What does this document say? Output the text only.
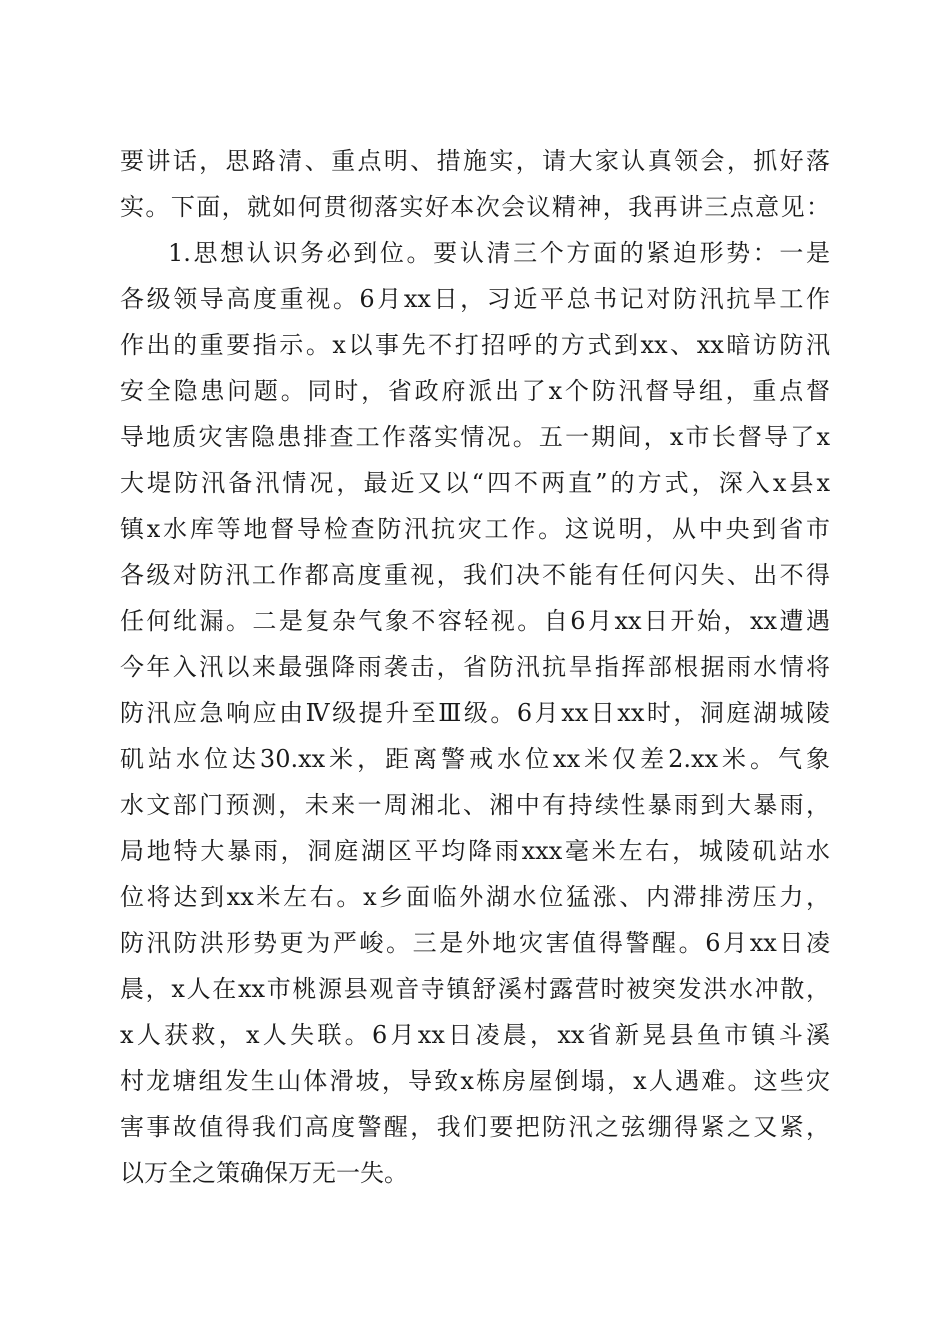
要讲话，思路清、重点明、措施实，请大家认真领会，抓好落
实。下面，就如何贯彻落实好本次会议精神，我再讲三点意见：
1.思想认识务必到位。要认清三个方面的紧迫形势：一是
各级领导高度重视。6月xx日，习近平总书记对防汛抗旱工作
作出的重要指示。x以事先不打招呼的方式到xx、xx暗访防汛
安全隐患问题。同时，省政府派出了x个防汛督导组，重点督
导地质灾害隐患排查工作落实情况。五一期间，x市长督导了x
大堤防汛备汛情况，最近又以“四不两直”的方式，深入x县x
镇x水库等地督导检查防汛抗灾工作。这说明，从中央到省市
各级对防汛工作都高度重视，我们决不能有任何闪失、出不得
任何纰漏。二是复杂气象不容轻视。自6月xx日开始，xx遭遇
今年入汛以来最强降雨袭击，省防汛抗旱指挥部根据雨水情将
防汛应急响应由Ⅳ级提升至Ⅲ级。6月xx日xx时，洞庭湖城陵
矶站水位达30.xx米，距离警戒水位xx米仅差2.xx米。气象
水文部门预测，未来一周湘北、湘中有持续性暴雨到大暴雨，
局地特大暴雨，洞庭湖区平均降雨xxx毫米左右，城陵矶站水
位将达到xx米左右。x乡面临外湖水位猛涨、内滞排涝压力，
防汛防洪形势更为严峻。三是外地灾害值得警醒。6月xx日凌
晨，x人在xx市桃源县观音寺镇舒溪村露营时被突发洪水冲散，
x人获救，x人失联。6月xx日凌晨，xx省新晃县鱼市镇斗溪
村龙塘组发生山体滑坡，导致x栋房屋倒塌，x人遇难。这些灾
害事故值得我们高度警醒，我们要把防汛之弦绷得紧之又紧，
以万全之策确保万无一失。
